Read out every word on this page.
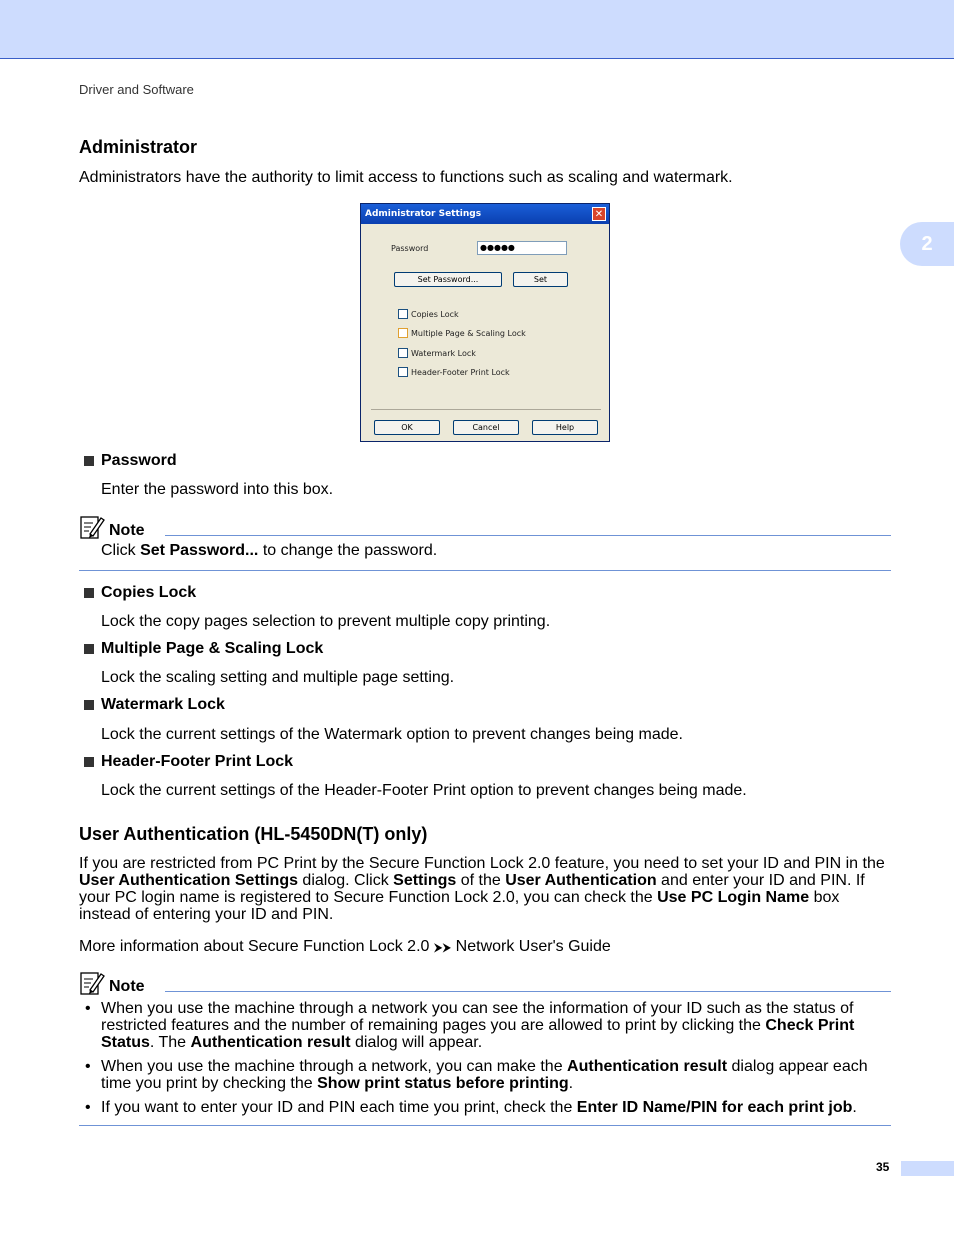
Driver and Software
2
Administrator
Administrators have the authority to limit access to functions such as scaling and watermark.
Administrator Settings	✕
Password	●●●●●
Set Password...	Set
Copies Lock
Multiple Page & Scaling Lock
Watermark Lock
Header-Footer Print Lock
OK	Cancel	Help
Password
Enter the password into this box.
Note
Click Set Password... to change the password.
Copies Lock
Lock the copy pages selection to prevent multiple copy printing.
Multiple Page & Scaling Lock
Lock the scaling setting and multiple page setting.
Watermark Lock
Lock the current settings of the Watermark option to prevent changes being made.
Header-Footer Print Lock
Lock the current settings of the Header-Footer Print option to prevent changes being made.
User Authentication (HL-5450DN(T) only)
If you are restricted from PC Print by the Secure Function Lock 2.0 feature, you need to set your ID and PIN in the User Authentication Settings dialog. Click Settings of the User Authentication and enter your ID and PIN. If your PC login name is registered to Secure Function Lock 2.0, you can check the Use PC Login Name box instead of entering your ID and PIN.
More information about Secure Function Lock 2.0 ⮞⮞ Network User's Guide
Note
• When you use the machine through a network you can see the information of your ID such as the status of restricted features and the number of remaining pages you are allowed to print by clicking the Check Print Status. The Authentication result dialog will appear.
• When you use the machine through a network, you can make the Authentication result dialog appear each time you print by checking the Show print status before printing.
• If you want to enter your ID and PIN each time you print, check the Enter ID Name/PIN for each print job.
35
